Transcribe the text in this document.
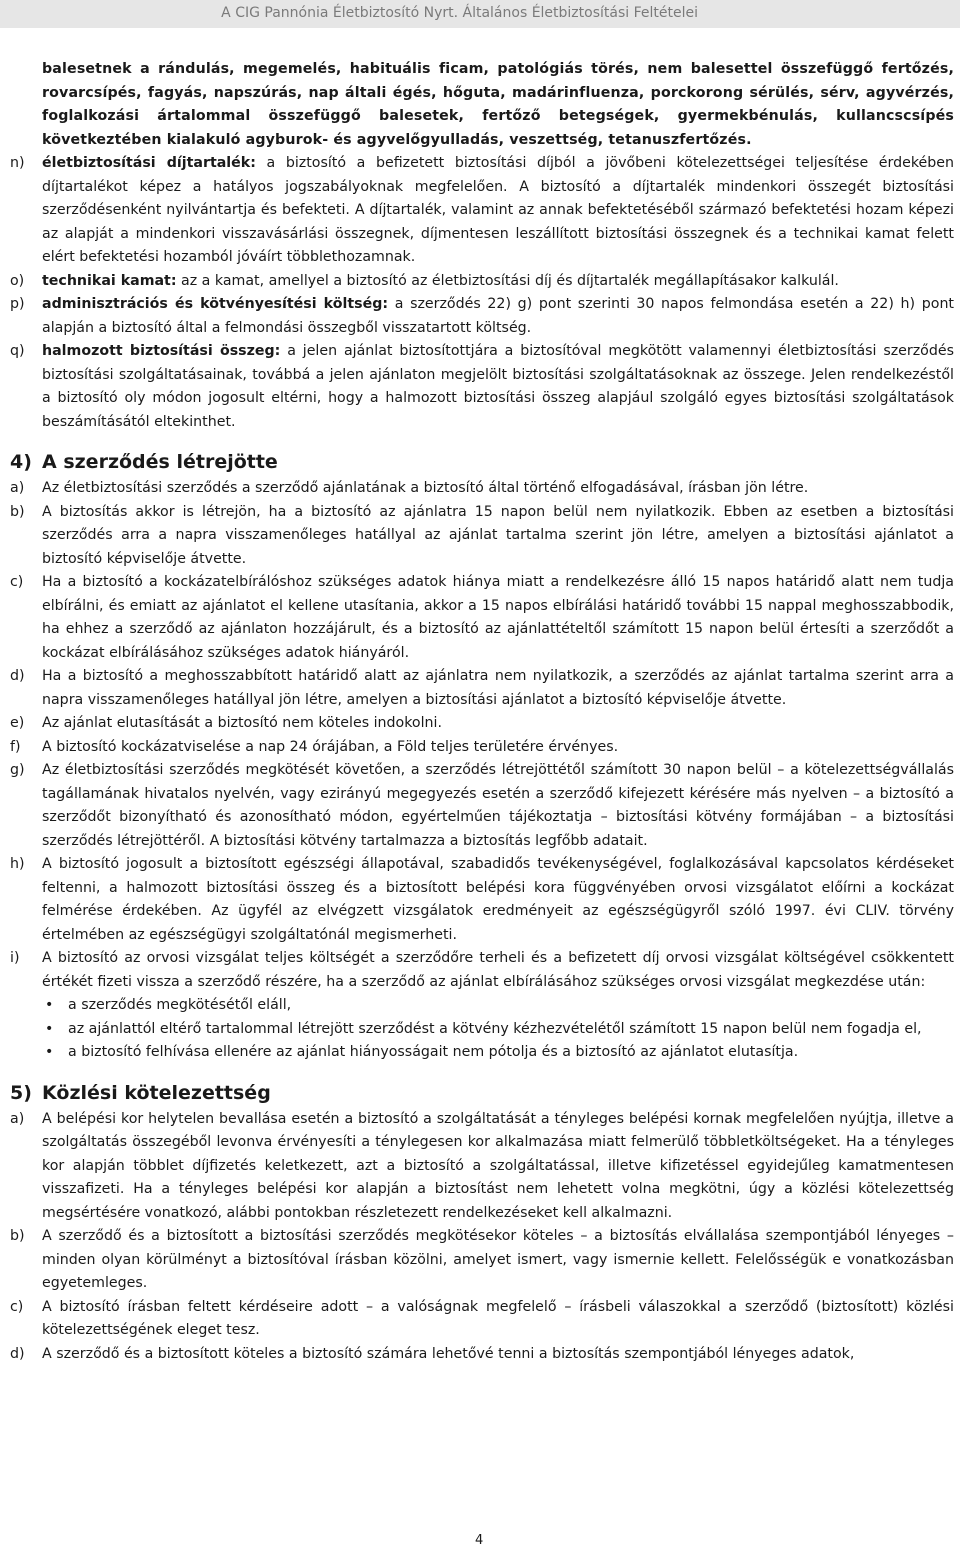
A CIG Pannónia Életbiztosító Nyrt. Általános Életbiztosítási Feltételei
balesetnek a rándulás, megemelés, habituális ficam, patológiás törés, nem balesettel összefüggő fertőzés, rovarcsípés, fagyás, napszúrás, nap általi égés, hőguta, madárinfluenza, porckorong sérülés, sérv, agyvérzés, foglalkozási ártalommal összefüggő balesetek, fertőző betegségek, gyermekbénulás, kullancscsípés következtében kialakuló agyburok- és agyvelőgyulladás, veszettség, tetanuszfertőzés.
n) életbiztosítási díjtartalék: a biztosító a befizetett biztosítási díjból a jövőbeni kötelezettségei teljesítése érdekében díjtartalékot képez a hatályos jogszabályoknak megfelelően. A biztosító a díjtartalék mindenkori összegét biztosítási szerződésenként nyilvántartja és befekteti. A díjtartalék, valamint az annak befektetéséből származó befektetési hozam képezi az alapját a mindenkori visszavásárlási összegnek, díjmentesen leszállított biztosítási összegnek és a technikai kamat felett elért befektetési hozamból jóváírt többlethozamnak.
o) technikai kamat: az a kamat, amellyel a biztosító az életbiztosítási díj és díjtartalék megállapításakor kalkulál.
p) adminisztrációs és kötvényesítési költség: a szerződés 22) g) pont szerinti 30 napos felmondása esetén a 22) h) pont alapján a biztosító által a felmondási összegből visszatartott költség.
q) halmozott biztosítási összeg: a jelen ajánlat biztosítottjára a biztosítóval megkötött valamennyi életbiztosítási szerződés biztosítási szolgáltatásainak, továbbá a jelen ajánlaton megjelölt biztosítási szolgáltatásoknak az összege. Jelen rendelkezéstől a biztosító oly módon jogosult eltérni, hogy a halmozott biztosítási összeg alapjául szolgáló egyes biztosítási szolgáltatások beszámításától eltekinthet.
4) A szerződés létrejötte
a) Az életbiztosítási szerződés a szerződő ajánlatának a biztosító által történő elfogadásával, írásban jön létre.
b) A biztosítás akkor is létrejön, ha a biztosító az ajánlatra 15 napon belül nem nyilatkozik. Ebben az esetben a biztosítási szerződés arra a napra visszamenőleges hatállyal az ajánlat tartalma szerint jön létre, amelyen a biztosítási ajánlatot a biztosító képviselője átvette.
c) Ha a biztosító a kockázatelbírálóshoz szükséges adatok hiánya miatt a rendelkezésre álló 15 napos határidő alatt nem tudja elbírálni, és emiatt az ajánlatot el kellene utasítania, akkor a 15 napos elbírálási határidő további 15 nappal meghosszabbodik, ha ehhez a szerződő az ajánlaton hozzájárult, és a biztosító az ajánlattételtől számított 15 napon belül értesíti a szerződőt a kockázat elbírálásához szükséges adatok hiányáról.
d) Ha a biztosító a meghosszabbított határidő alatt az ajánlatra nem nyilatkozik, a szerződés az ajánlat tartalma szerint arra a napra visszamenőleges hatállyal jön létre, amelyen a biztosítási ajánlatot a biztosító képviselője átvette.
e) Az ajánlat elutasítását a biztosító nem köteles indokolni.
f) A biztosító kockázatviselése a nap 24 órájában, a Föld teljes területére érvényes.
g) Az életbiztosítási szerződés megkötését követően, a szerződés létrejöttétől számított 30 napon belül – a kötelezettségvállalás tagállamának hivatalos nyelvén, vagy ezirányú megegyezés esetén a szerződő kifejezett kérésére más nyelven – a biztosító a szerződőt bizonyítható és azonosítható módon, egyértelműen tájékoztatja – biztosítási kötvény formájában – a biztosítási szerződés létrejöttéről. A biztosítási kötvény tartalmazza a biztosítás legfőbb adatait.
h) A biztosító jogosult a biztosított egészségi állapotával, szabadidős tevékenységével, foglalkozásával kapcsolatos kérdéseket feltenni, a halmozott biztosítási összeg és a biztosított belépési kora függvényében orvosi vizsgálatot előírni a kockázat felmérése érdekében. Az ügyfél az elvégzett vizsgálatok eredményeit az egészségügyről szóló 1997. évi CLIV. törvény értelmében az egészségügyi szolgáltatónál megismerheti.
i) A biztosító az orvosi vizsgálat teljes költségét a szerződőre terheli és a befizetett díj orvosi vizsgálat költségével csökkentett értékét fizeti vissza a szerződő részére, ha a szerződő az ajánlat elbírálásához szükséges orvosi vizsgálat megkezdése után:
• a szerződés megkötésétől eláll,
• az ajánlattól eltérő tartalommal létrejött szerződést a kötvény kézhezvételétől számított 15 napon belül nem fogadja el,
• a biztosító felhívása ellenére az ajánlat hiányosságait nem pótolja és a biztosító az ajánlatot elutasítja.
5) Közlési kötelezettség
a) A belépési kor helytelen bevallása esetén a biztosító a szolgáltatását a tényleges belépési kornak megfelelően nyújtja, illetve a szolgáltatás összegéből levonva érvényesíti a ténylegesen kor alkalmazása miatt felmerülő többletköltségeket. Ha a tényleges kor alapján többlet díjfizetés keletkezett, azt a biztosító a szolgáltatással, illetve kifizetéssel egyidejűleg kamatmentesen visszafizeti. Ha a tényleges belépési kor alapján a biztosítást nem lehetett volna megkötni, úgy a közlési kötelezettség megsértésére vonatkozó, alábbi pontokban részletezett rendelkezéseket kell alkalmazni.
b) A szerződő és a biztosított a biztosítási szerződés megkötésekor köteles – a biztosítás elvállalása szempontjából lényeges – minden olyan körülményt a biztosítóval írásban közölni, amelyet ismert, vagy ismernie kellett. Felelősségük e vonatkozásban egyetemleges.
c) A biztosító írásban feltett kérdéseire adott – a valóságnak megfelelő – írásbeli válaszokkal a szerződő (biztosított) közlési kötelezettségének eleget tesz.
d) A szerződő és a biztosított köteles a biztosító számára lehetővé tenni a biztosítás szempontjából lényeges adatok,
4
